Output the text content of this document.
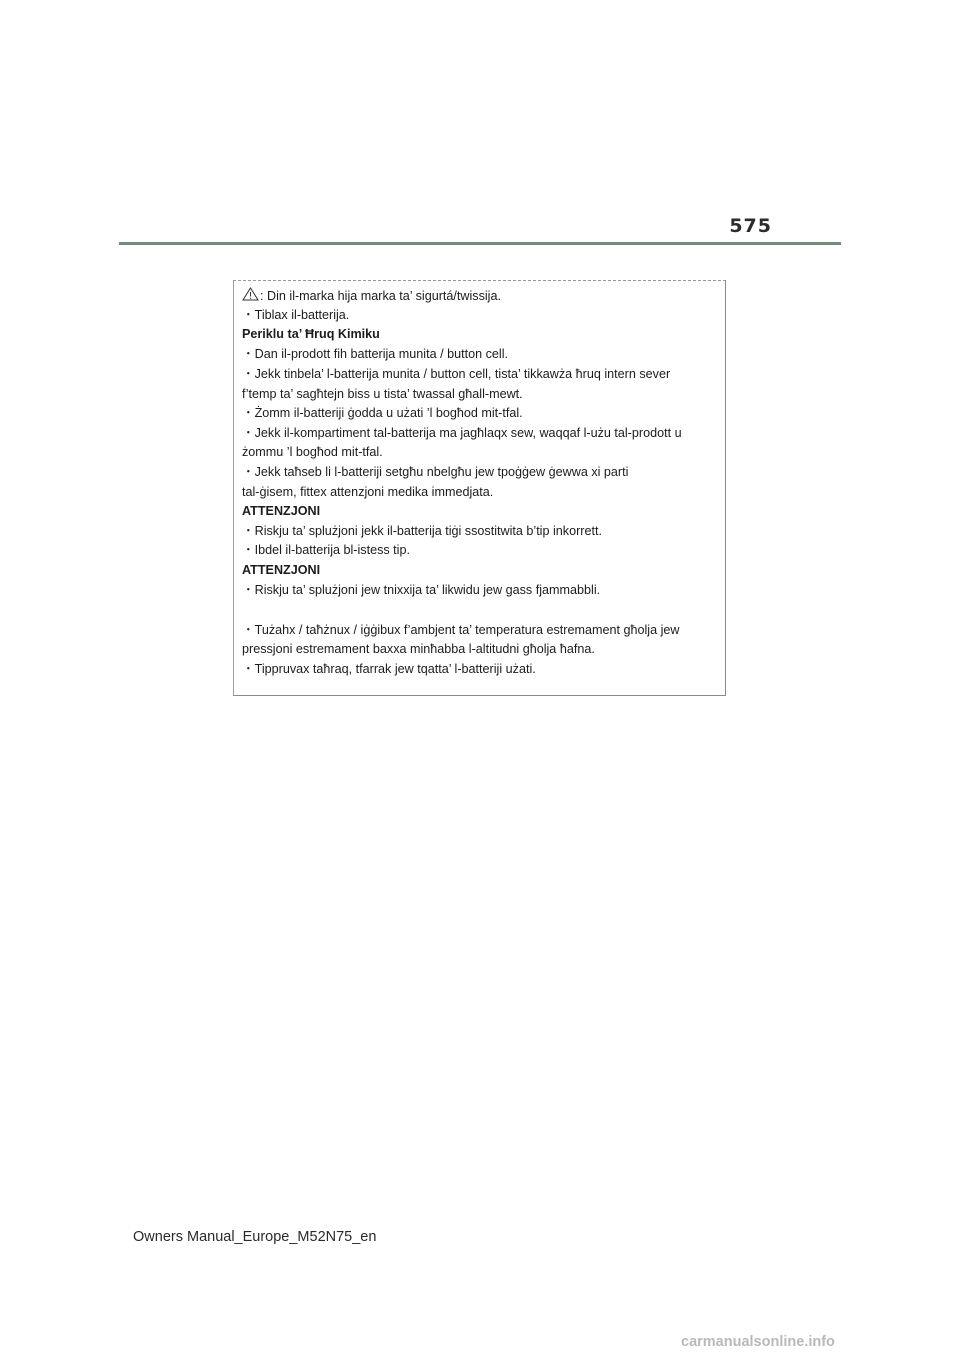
575
: Din il-marka hija marka ta’ sigurtá/twissija.
・Tiblax il-batterija.
Periklu ta’ Ħruq Kimiku
・Dan il-prodott fih batterija munita / button cell.
・Jekk tinbela’ l-batterija munita / button cell, tista’ tikkawża ħruq intern sever
f’temp ta’ sagħtejn biss u tista’ twassal għall-mewt.
・Żomm il-batteriji ġodda u użati ’l bogħod mit-tfal.
・Jekk il-kompartiment tal-batterija ma jagħlaqx sew, waqqaf l-użu tal-prodott u
żommu ’l bogħod mit-tfal.
・Jekk taħseb li l-batteriji setgħu nbelgħu jew tpoġġew ġewwa xi parti
tal-ġisem, fittex attenzjoni medika immedjata.
ATTENZJONI
・Riskju ta’ splużjoni jekk il-batterija tiġi ssostitwita b’tip inkorrett.
・Ibdel il-batterija bl-istess tip.
ATTENZJONI
・Riskju ta’ splużjoni jew tnixxija ta’ likwidu jew gass fjammabbli.
・Tużahx / taħżnux / iġġibux f’ambjent ta’ temperatura estremament għolja jew
pressjoni estremament baxxa minħabba l-altitudni għolja ħafna.
・Tippruvax taħraq, tfarrak jew tqatta’ l-batteriji użati.
Owners Manual_Europe_M52N75_en
carmanualsonline.info
